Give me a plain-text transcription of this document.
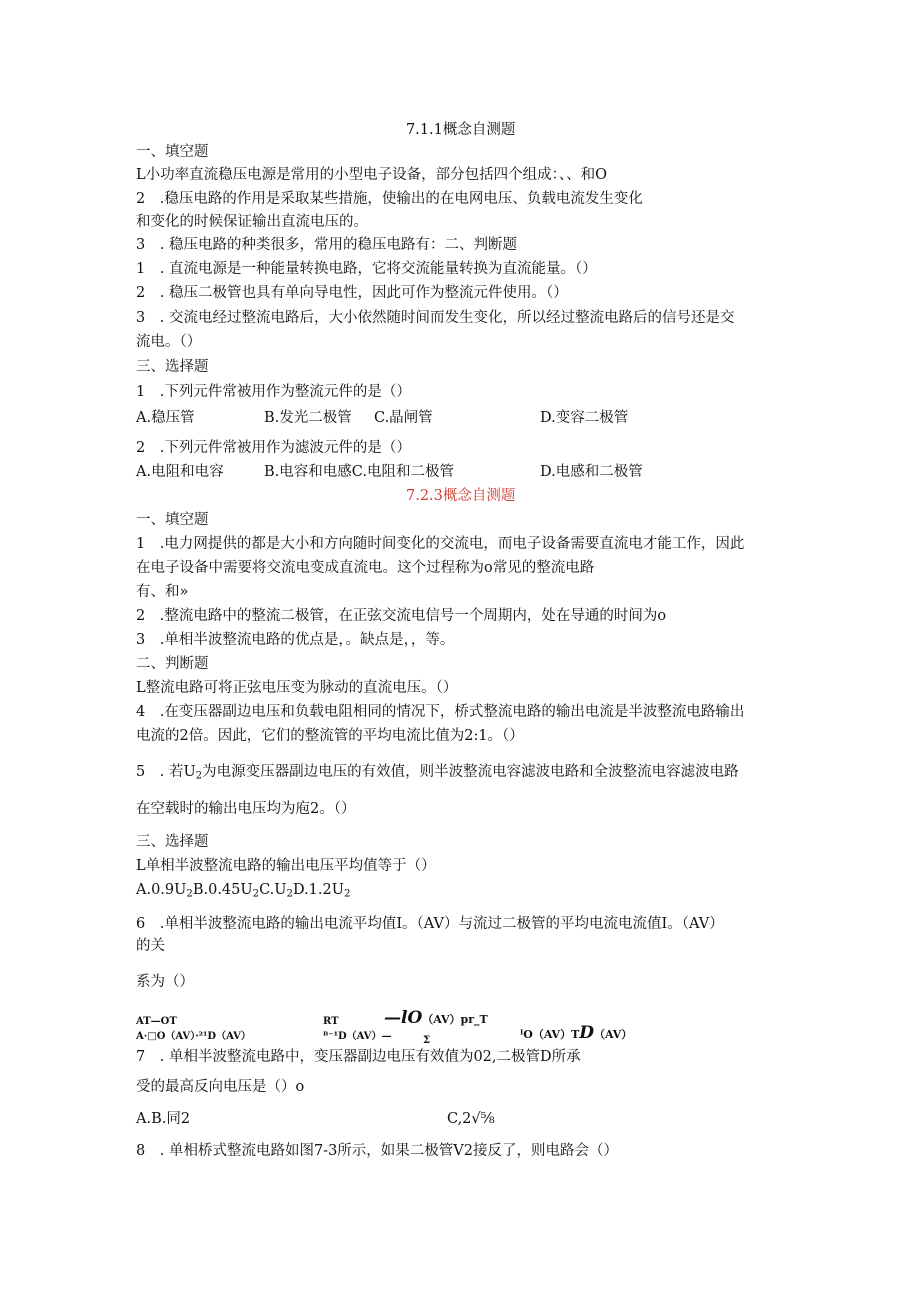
7.1.1概念自测题
一、填空题
L小功率直流稳压电源是常用的小型电子设备，部分包括四个组成：、、和O
2　.稳压电路的作用是采取某些措施，使输出的在电网电压、负载电流发生变化
和变化的时候保证输出直流电压的。
3　. 稳压电路的种类很多，常用的稳压电路有：二、判断题
1　. 直流电源是一种能量转换电路，它将交流能量转换为直流能量。（）
2　. 稳压二极管也具有单向导电性，因此可作为整流元件使用。（）
3　. 交流电经过整流电路后，大小依然随时间而发生变化，所以经过整流电路后的信号还是交
流电。（）
三、选择题
1　.下列元件常被用作为整流元件的是（）
A.稳压管	B.发光二极管 C.晶闸管	D.变容二极管
2　.下列元件常被用作为滤波元件的是（）
A.电阻和电容	B.电容和电感C.电阻和二极管	D.电感和二极管
7.2.3概念自测题
一、填空题
1　.电力网提供的都是大小和方向随时间变化的交流电，而电子设备需要直流电才能工作，因此
在电子设备中需要将交流电变成直流电。这个过程称为o常见的整流电路
有、和»
2　.整流电路中的整流二极管，在正弦交流电信号一个周期内，处在导通的时间为o
3　.单相半波整流电路的优点是，。缺点是，，等。
二、判断题
L整流电路可将正弦电压变为脉动的直流电压。（）
4　.在变压器副边电压和负载电阻相同的情况下，桥式整流电路的输出电流是半波整流电路输出
电流的2倍。因此，它们的整流管的平均电流比值为2:1。（）
5　. 若$U_2$为电源变压器副边电压的有效值，则半波整流电容滤波电路和全波整流电容滤波电路
在空载时的输出电压均为庖2。（）
三、选择题
L单相半波整流电路的输出电压平均值等于（）
$A.0.9U_2B.0.45U_2C.U_2D.1.2U_2$
6　.单相半波整流电路的输出电流平均值I。（AV）与流过二极管的平均电流电流值I。（AV）
的关
系为（）
AT—OT
A·□O（AV）·²¹D（AV）
RT	—lO（AV）pr_T
ᴮ⁻¹D（AV）—	Σ	ᴵO（AV）TD（AV）
7　. 单相半波整流电路中，变压器副边电压有效值为02,二极管D所承
受的最高反向电压是（）o
A.B.同2	C,2√⅝
8　. 单相桥式整流电路如图7-3所示，如果二极管V2接反了，则电路会（）
